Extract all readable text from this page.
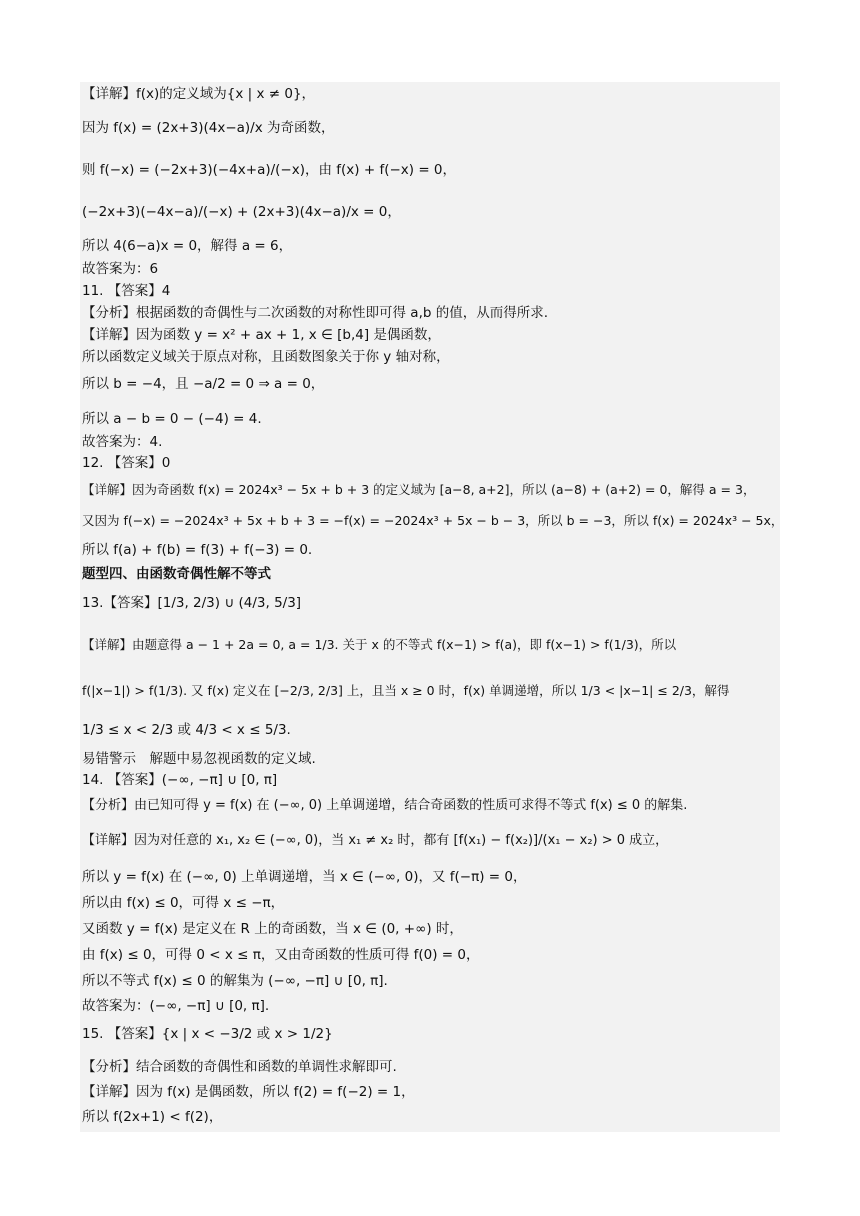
【详解】f(x)的定义域为{x | x ≠ 0}，
因为 f(x) = (2x+3)(4x−a)/x 为奇函数，
则 f(−x) = (−2x+3)(−4x+a)/(−x)，由 f(x) + f(−x) = 0，
(−2x+3)(−4x−a)/(−x) + (2x+3)(4x−a)/x = 0，
所以 4(6−a)x = 0，解得 a = 6，
故答案为：6
11. 【答案】4
【分析】根据函数的奇偶性与二次函数的对称性即可得 a,b 的值，从而得所求.
【详解】因为函数 y = x² + ax + 1, x ∈ [b,4] 是偶函数，
所以函数定义域关于原点对称，且函数图象关于你 y 轴对称，
所以 b = −4，且 −a/2 = 0 ⇒ a = 0，
所以 a − b = 0 − (−4) = 4.
故答案为：4.
12. 【答案】0
【详解】因为奇函数 f(x) = 2024x³ − 5x + b + 3 的定义域为 [a−8, a+2]，所以 (a−8) + (a+2) = 0，解得 a = 3，
又因为 f(−x) = −2024x³ + 5x + b + 3 = −f(x) = −2024x³ + 5x − b − 3，所以 b = −3，所以 f(x) = 2024x³ − 5x，
所以 f(a) + f(b) = f(3) + f(−3) = 0.
题型四、由函数奇偶性解不等式
13.【答案】[1/3, 2/3) ∪ (4/3, 5/3]
【详解】由题意得 a − 1 + 2a = 0, a = 1/3. 关于 x 的不等式 f(x−1) > f(a)，即 f(x−1) > f(1/3)，所以
f(|x−1|) > f(1/3). 又 f(x) 定义在 [−2/3, 2/3] 上，且当 x ≥ 0 时，f(x) 单调递增，所以 1/3 < |x−1| ≤ 2/3，解得
1/3 ≤ x < 2/3 或 4/3 < x ≤ 5/3.
易错警示　解题中易忽视函数的定义域.
14. 【答案】(−∞, −π] ∪ [0, π]
【分析】由已知可得 y = f(x) 在 (−∞, 0) 上单调递增，结合奇函数的性质可求得不等式 f(x) ≤ 0 的解集.
【详解】因为对任意的 x₁, x₂ ∈ (−∞, 0)，当 x₁ ≠ x₂ 时，都有 [f(x₁) − f(x₂)]/(x₁ − x₂) > 0 成立，
所以 y = f(x) 在 (−∞, 0) 上单调递增，当 x ∈ (−∞, 0)，又 f(−π) = 0，
所以由 f(x) ≤ 0，可得 x ≤ −π，
又函数 y = f(x) 是定义在 R 上的奇函数，当 x ∈ (0, +∞) 时，
由 f(x) ≤ 0，可得 0 < x ≤ π，又由奇函数的性质可得 f(0) = 0，
所以不等式 f(x) ≤ 0 的解集为 (−∞, −π] ∪ [0, π].
故答案为：(−∞, −π] ∪ [0, π].
15. 【答案】{x | x < −3/2 或 x > 1/2}
【分析】结合函数的奇偶性和函数的单调性求解即可.
【详解】因为 f(x) 是偶函数，所以 f(2) = f(−2) = 1，
所以 f(2x+1) < f(2)，
